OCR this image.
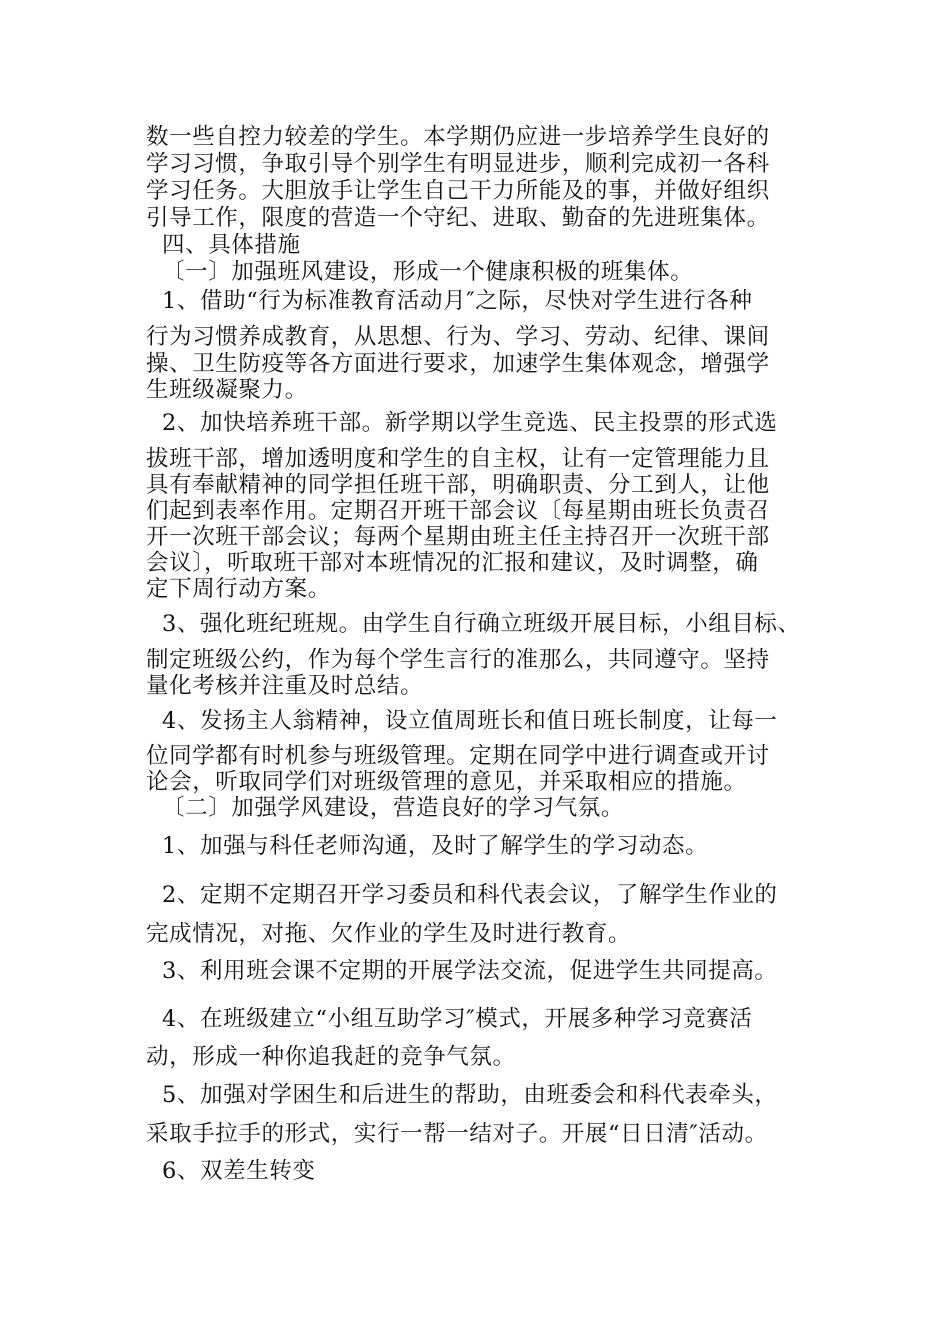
数一些自控力较差的学生。本学期仍应进一步培养学生良好的
学习习惯，争取引导个别学生有明显进步，顺利完成初一各科
学习任务。大胆放手让学生自己干力所能及的事，并做好组织
引导工作，限度的营造一个守纪、进取、勤奋的先进班集体。
四、具体措施
〔一〕加强班风建设，形成一个健康积极的班集体。
1、借助“行为标准教育活动月″之际，尽快对学生进行各种
行为习惯养成教育，从思想、行为、学习、劳动、纪律、课间
操、卫生防疫等各方面进行要求，加速学生集体观念，增强学
生班级凝聚力。
2、加快培养班干部。新学期以学生竞选、民主投票的形式选
拔班干部，增加透明度和学生的自主权，让有一定管理能力且
具有奉献精神的同学担任班干部，明确职责、分工到人，让他
们起到表率作用。定期召开班干部会议〔每星期由班长负责召
开一次班干部会议；每两个星期由班主任主持召开一次班干部
会议〕，听取班干部对本班情况的汇报和建议，及时调整，确
定下周行动方案。
3、强化班纪班规。由学生自行确立班级开展目标，小组目标、
制定班级公约，作为每个学生言行的准那么，共同遵守。坚持
量化考核并注重及时总结。
4、发扬主人翁精神，设立值周班长和值日班长制度，让每一
位同学都有时机参与班级管理。定期在同学中进行调查或开讨
论会，听取同学们对班级管理的意见，并采取相应的措施。
〔二〕加强学风建设，营造良好的学习气氛。
1、加强与科任老师沟通，及时了解学生的学习动态。
2、定期不定期召开学习委员和科代表会议，了解学生作业的
完成情况，对拖、欠作业的学生及时进行教育。
3、利用班会课不定期的开展学法交流，促进学生共同提高。
4、在班级建立“小组互助学习″模式，开展多种学习竞赛活
动，形成一种你追我赶的竞争气氛。
5、加强对学困生和后进生的帮助，由班委会和科代表牵头，
采取手拉手的形式，实行一帮一结对子。开展“日日清″活动。
6、双差生转变
